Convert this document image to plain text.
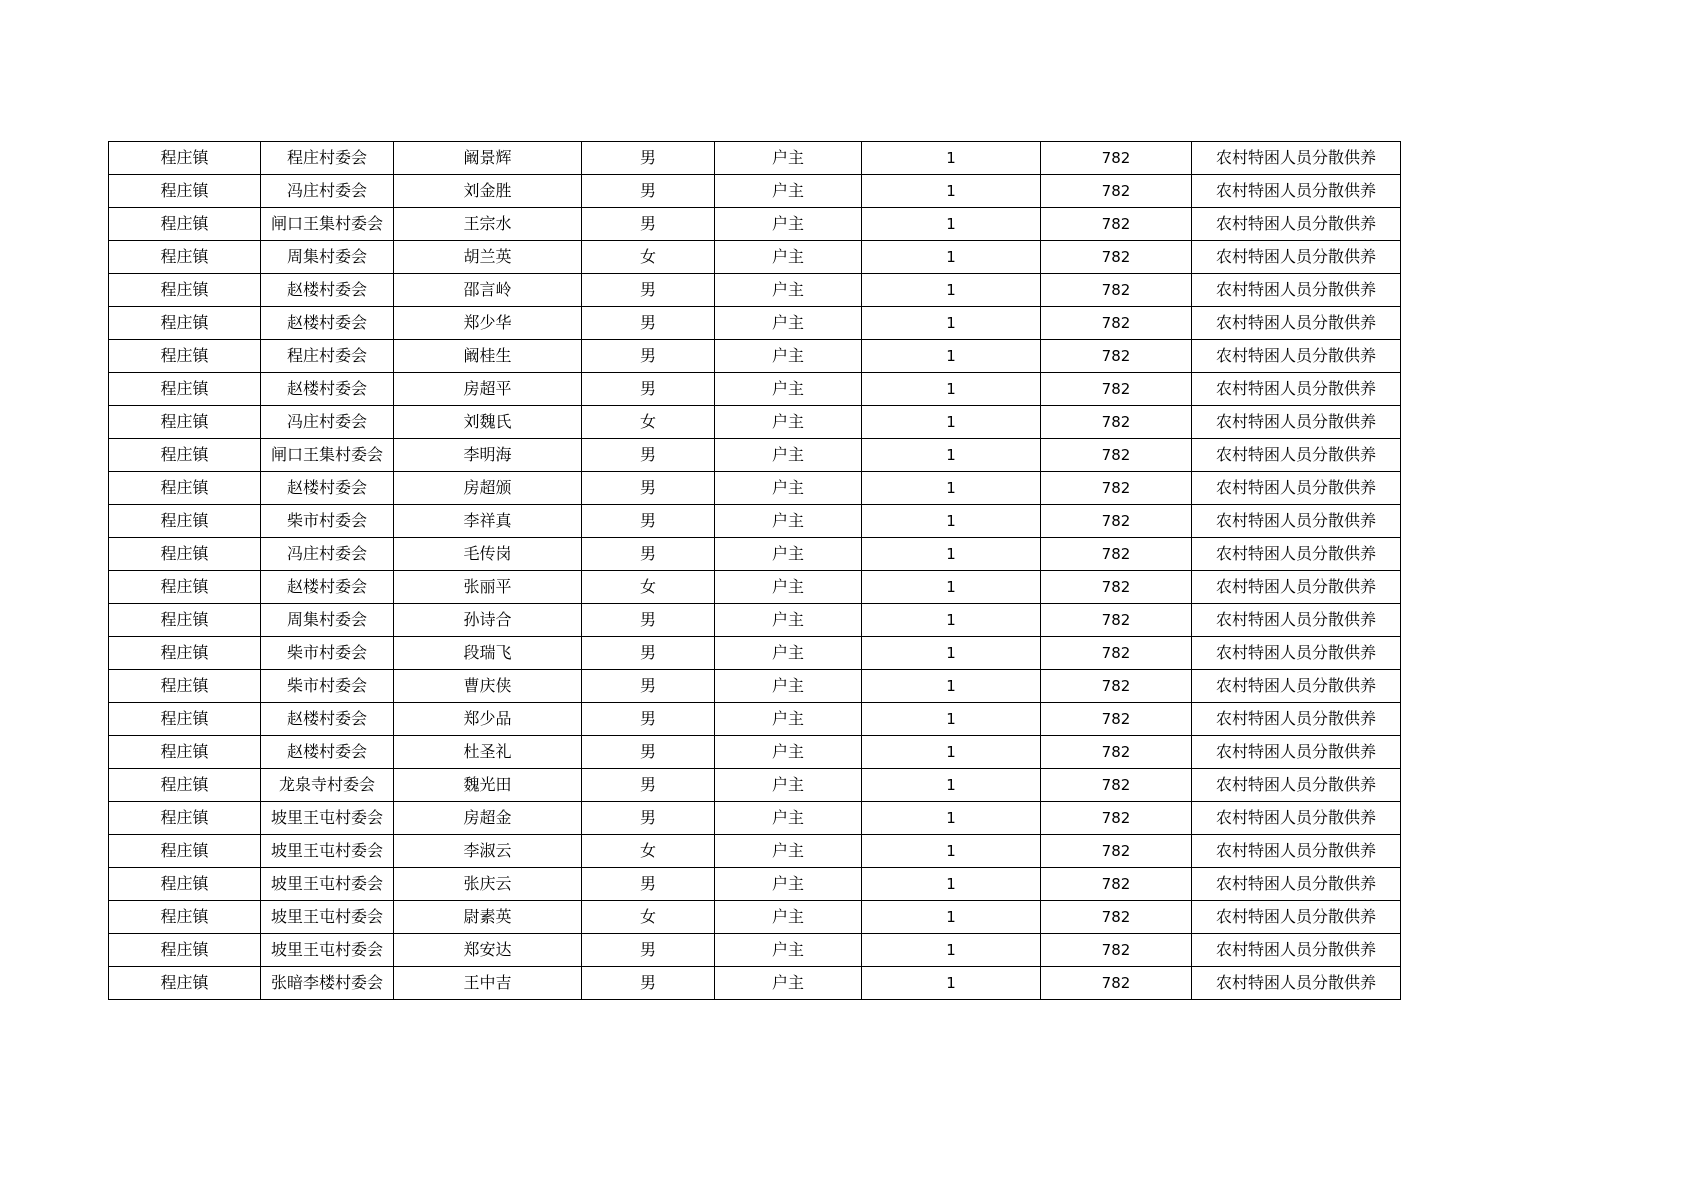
程庄镇	程庄村委会	阚景辉	男	户主	1	782	农村特困人员分散供养
程庄镇	冯庄村委会	刘金胜	男	户主	1	782	农村特困人员分散供养
程庄镇	闸口王集村委会	王宗水	男	户主	1	782	农村特困人员分散供养
程庄镇	周集村委会	胡兰英	女	户主	1	782	农村特困人员分散供养
程庄镇	赵楼村委会	邵言岭	男	户主	1	782	农村特困人员分散供养
程庄镇	赵楼村委会	郑少华	男	户主	1	782	农村特困人员分散供养
程庄镇	程庄村委会	阚桂生	男	户主	1	782	农村特困人员分散供养
程庄镇	赵楼村委会	房超平	男	户主	1	782	农村特困人员分散供养
程庄镇	冯庄村委会	刘魏氏	女	户主	1	782	农村特困人员分散供养
程庄镇	闸口王集村委会	李明海	男	户主	1	782	农村特困人员分散供养
程庄镇	赵楼村委会	房超颁	男	户主	1	782	农村特困人员分散供养
程庄镇	柴市村委会	李祥真	男	户主	1	782	农村特困人员分散供养
程庄镇	冯庄村委会	毛传岗	男	户主	1	782	农村特困人员分散供养
程庄镇	赵楼村委会	张丽平	女	户主	1	782	农村特困人员分散供养
程庄镇	周集村委会	孙诗合	男	户主	1	782	农村特困人员分散供养
程庄镇	柴市村委会	段瑞飞	男	户主	1	782	农村特困人员分散供养
程庄镇	柴市村委会	曹庆侠	男	户主	1	782	农村特困人员分散供养
程庄镇	赵楼村委会	郑少品	男	户主	1	782	农村特困人员分散供养
程庄镇	赵楼村委会	杜圣礼	男	户主	1	782	农村特困人员分散供养
程庄镇	龙泉寺村委会	魏光田	男	户主	1	782	农村特困人员分散供养
程庄镇	坡里王屯村委会	房超金	男	户主	1	782	农村特困人员分散供养
程庄镇	坡里王屯村委会	李淑云	女	户主	1	782	农村特困人员分散供养
程庄镇	坡里王屯村委会	张庆云	男	户主	1	782	农村特困人员分散供养
程庄镇	坡里王屯村委会	尉素英	女	户主	1	782	农村特困人员分散供养
程庄镇	坡里王屯村委会	郑安达	男	户主	1	782	农村特困人员分散供养
程庄镇	张暗李楼村委会	王中吉	男	户主	1	782	农村特困人员分散供养
